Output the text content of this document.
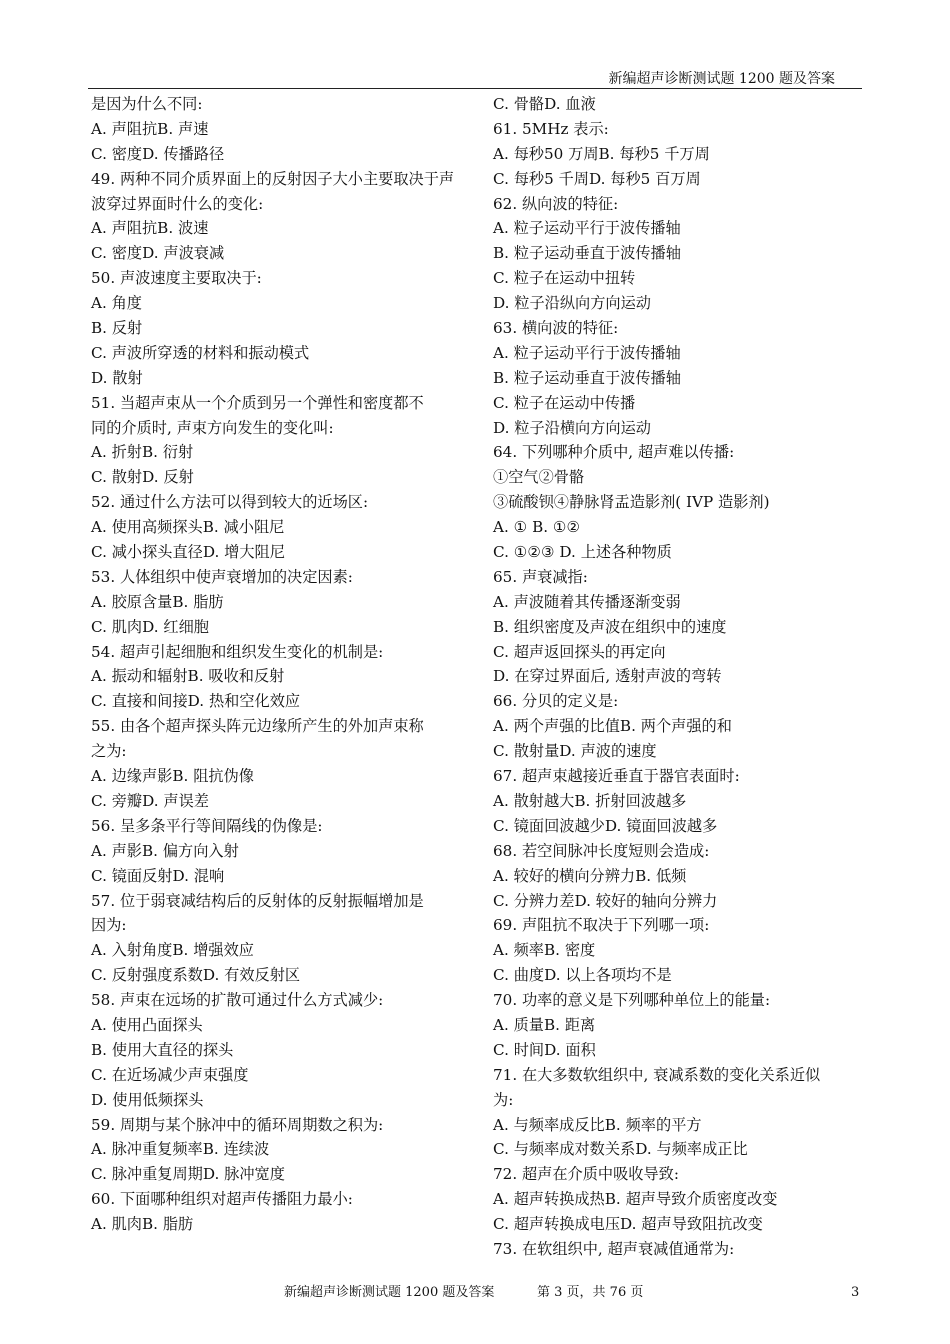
新编超声诊断测试题 1200 题及答案
是因为什么不同:
A. 声阻抗B. 声速
C. 密度D. 传播路径
49. 两种不同介质界面上的反射因子大小主要取决于声
波穿过界面时什么的变化:
A. 声阻抗B. 波速
C. 密度D. 声波衰减
50. 声波速度主要取决于:
A. 角度
B. 反射
C. 声波所穿透的材料和振动模式
D. 散射
51. 当超声束从一个介质到另一个弹性和密度都不
同的介质时, 声束方向发生的变化叫:
A. 折射B. 衍射
C. 散射D. 反射
52. 通过什么方法可以得到较大的近场区:
A. 使用高频探头B. 减小阻尼
C. 减小探头直径D. 增大阻尼
53. 人体组织中使声衰增加的决定因素:
A. 胶原含量B. 脂肪
C. 肌肉D. 红细胞
54. 超声引起细胞和组织发生变化的机制是:
A. 振动和辐射B. 吸收和反射
C. 直接和间接D. 热和空化效应
55. 由各个超声探头阵元边缘所产生的外加声束称
之为:
A. 边缘声影B. 阻抗伪像
C. 旁瓣D. 声误差
56. 呈多条平行等间隔线的伪像是:
A. 声影B. 偏方向入射
C. 镜面反射D. 混响
57. 位于弱衰减结构后的反射体的反射振幅增加是
因为:
A. 入射角度B. 增强效应
C. 反射强度系数D. 有效反射区
58. 声束在远场的扩散可通过什么方式减少:
A. 使用凸面探头
B. 使用大直径的探头
C. 在近场减少声束强度
D. 使用低频探头
59. 周期与某个脉冲中的循环周期数之积为:
A. 脉冲重复频率B. 连续波
C. 脉冲重复周期D. 脉冲宽度
60. 下面哪种组织对超声传播阻力最小:
A. 肌肉B. 脂肪
C. 骨骼D. 血液
61. 5MHz 表示:
A. 每秒50 万周B. 每秒5 千万周
C. 每秒5 千周D. 每秒5 百万周
62. 纵向波的特征:
A. 粒子运动平行于波传播轴
B. 粒子运动垂直于波传播轴
C. 粒子在运动中扭转
D. 粒子沿纵向方向运动
63. 横向波的特征:
A. 粒子运动平行于波传播轴
B. 粒子运动垂直于波传播轴
C. 粒子在运动中传播
D. 粒子沿横向方向运动
64. 下列哪种介质中, 超声难以传播:
①空气②骨骼
③硫酸钡④静脉肾盂造影剂( IVP 造影剂)
A. ① B. ①②
C. ①②③ D. 上述各种物质
65. 声衰减指:
A. 声波随着其传播逐渐变弱
B. 组织密度及声波在组织中的速度
C. 超声返回探头的再定向
D. 在穿过界面后, 透射声波的弯转
66. 分贝的定义是:
A. 两个声强的比值B. 两个声强的和
C. 散射量D. 声波的速度
67. 超声束越接近垂直于器官表面时:
A. 散射越大B. 折射回波越多
C. 镜面回波越少D. 镜面回波越多
68. 若空间脉冲长度短则会造成:
A. 较好的横向分辨力B. 低频
C. 分辨力差D. 较好的轴向分辨力
69. 声阻抗不取决于下列哪一项:
A. 频率B. 密度
C. 曲度D. 以上各项均不是
70. 功率的意义是下列哪种单位上的能量:
A. 质量B. 距离
C. 时间D. 面积
71. 在大多数软组织中, 衰减系数的变化关系近似
为:
A. 与频率成反比B. 频率的平方
C. 与频率成对数关系D. 与频率成正比
72. 超声在介质中吸收导致:
A. 超声转换成热B. 超声导致介质密度改变
C. 超声转换成电压D. 超声导致阻抗改变
73. 在软组织中, 超声衰减值通常为:
新编超声诊断测试题 1200 题及答案	第 3 页，共 76 页	3
